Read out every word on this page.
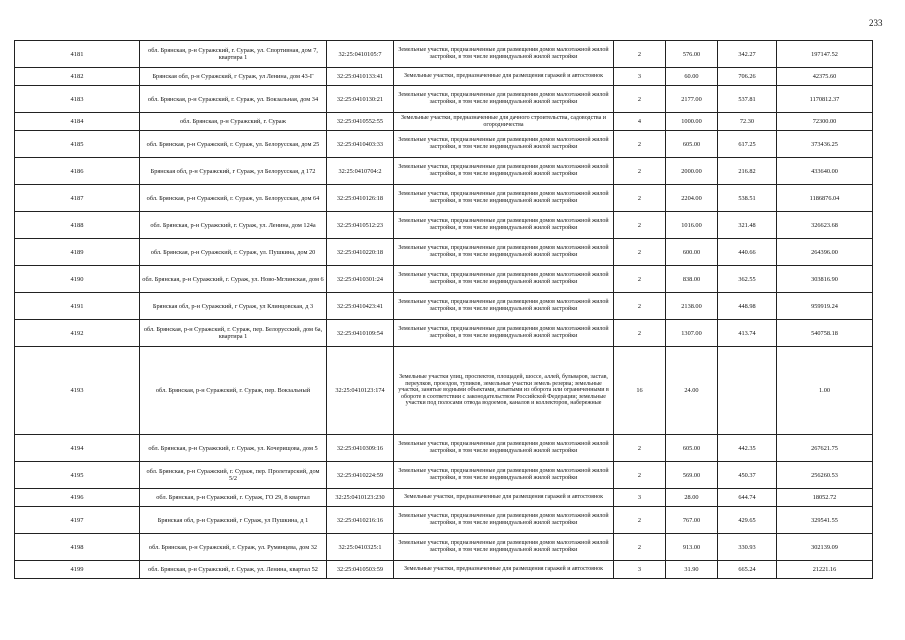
233
4181	обл. Брянская, р-н Суражский, г. Сураж, ул. Спортивная, дом 7, квартира 1	32:25:0410105:7	Земельные участки, предназначенные для размещения домов малоэтажной жилой застройки, в том числе индивидуальной жилой застройки	2	576.00	342.27	197147.52
4182	Брянская обл, р-н Суражский, г Сураж, ул Ленина, дом 43-Г	32:25:0410133:41	Земельные участки, предназначенные для размещения гаражей и автостоянок	3	60.00	706.26	42375.60
4183	обл. Брянская, р-н Суражский, г. Сураж, ул. Вокзальная, дом 34	32:25:0410130:21	Земельные участки, предназначенные для размещения домов малоэтажной жилой застройки, в том числе индивидуальной жилой застройки	2	2177.00	537.81	1170812.37
4184	обл. Брянская, р-н Суражский, г. Сураж	32:25:0410552:55	Земельные участки, предназначенные для дачного строительства, садоводства и огородничества	4	1000.00	72.30	72300.00
4185	обл. Брянская, р-н Суражский, г. Сураж, ул. Белорусская, дом 25	32:25:0410403:33	Земельные участки, предназначенные для размещения домов малоэтажной жилой застройки, в том числе индивидуальной жилой застройки	2	605.00	617.25	373436.25
4186	Брянская обл, р-н Суражский, г Сураж, ул Белорусская, д 172	32:25:0410704:2	Земельные участки, предназначенные для размещения домов малоэтажной жилой застройки, в том числе индивидуальной жилой застройки	2	2000.00	216.82	433640.00
4187	обл. Брянская, р-н Суражский, г. Сураж, ул. Белорусская, дом 64	32:25:0410126:18	Земельные участки, предназначенные для размещения домов малоэтажной жилой застройки, в том числе индивидуальной жилой застройки	2	2204.00	538.51	1186876.04
4188	обл. Брянская, р-н Суражский, г. Сураж, ул. Ленина, дом 124а	32:25:0410512:23	Земельные участки, предназначенные для размещения домов малоэтажной жилой застройки, в том числе индивидуальной жилой застройки	2	1016.00	321.48	326623.68
4189	обл. Брянская, р-н Суражский, г. Сураж, ул. Пушкина, дом 20	32:25:0410220:18	Земельные участки, предназначенные для размещения домов малоэтажной жилой застройки, в том числе индивидуальной жилой застройки	2	600.00	440.66	264396.00
4190	обл. Брянская, р-н Суражский, г. Сураж, ул. Ново-Мглинская, дом 6	32:25:0410301:24	Земельные участки, предназначенные для размещения домов малоэтажной жилой застройки, в том числе индивидуальной жилой застройки	2	838.00	362.55	303816.90
4191	Брянская обл, р-н Суражский, г Сураж, ул Клинцовская, д 3	32:25:0410423:41	Земельные участки, предназначенные для размещения домов малоэтажной жилой застройки, в том числе индивидуальной жилой застройки	2	2138.00	448.98	959919.24
4192	обл. Брянская, р-н Суражский, г. Сураж, пер. Белорусский, дом 6а, квартира 1	32:25:0410109:54	Земельные участки, предназначенные для размещения домов малоэтажной жилой застройки, в том числе индивидуальной жилой застройки	2	1307.00	413.74	540758.18
4193	обл. Брянская, р-н Суражский, г. Сураж, пер. Вокзальный	32:25:0410123:174	Земельные участки улиц, проспектов, площадей, шоссе, аллей, бульваров, застав, переулков, проездов, тупиков, земельные участки земель резерва; земельные участки, занятые водными объектами, изъятыми из оборота или ограниченными в обороте в соответствии с законодательством Российской Федерации; земельные участки под полосами отвода водоемов, каналов и коллекторов, набережные	16	24.00		1.00
4194	обл. Брянская, р-н Суражский, г. Сураж, ул. Кочерищова, дом 5	32:25:0410309:16	Земельные участки, предназначенные для размещения домов малоэтажной жилой застройки, в том числе индивидуальной жилой застройки	2	605.00	442.35	267621.75
4195	обл. Брянская, р-н Суражский, г. Сураж, пер. Пролетарский, дом 5/2	32:25:0410224:59	Земельные участки, предназначенные для размещения домов малоэтажной жилой застройки, в том числе индивидуальной жилой застройки	2	569.00	450.37	256260.53
4196	обл. Брянская, р-н Суражский, г. Сураж, ГО 29, 8 квартал	32:25:0410123:230	Земельные участки, предназначенные для размещения гаражей и автостоянок	3	28.00	644.74	18052.72
4197	Брянская обл, р-н Суражский, г Сураж, ул Пушкина, д 1	32:25:0410216:16	Земельные участки, предназначенные для размещения домов малоэтажной жилой застройки, в том числе индивидуальной жилой застройки	2	767.00	429.65	329541.55
4198	обл. Брянская, р-н Суражский, г. Сураж, ул. Румянцева, дом 32	32:25:0410325:1	Земельные участки, предназначенные для размещения домов малоэтажной жилой застройки, в том числе индивидуальной жилой застройки	2	913.00	330.93	302139.09
4199	обл. Брянская, р-н Суражский, г. Сураж, ул. Ленина, квартал 52	32:25:0410503:59	Земельные участки, предназначенные для размещения гаражей и автостоянок	3	31.90	665.24	21221.16
